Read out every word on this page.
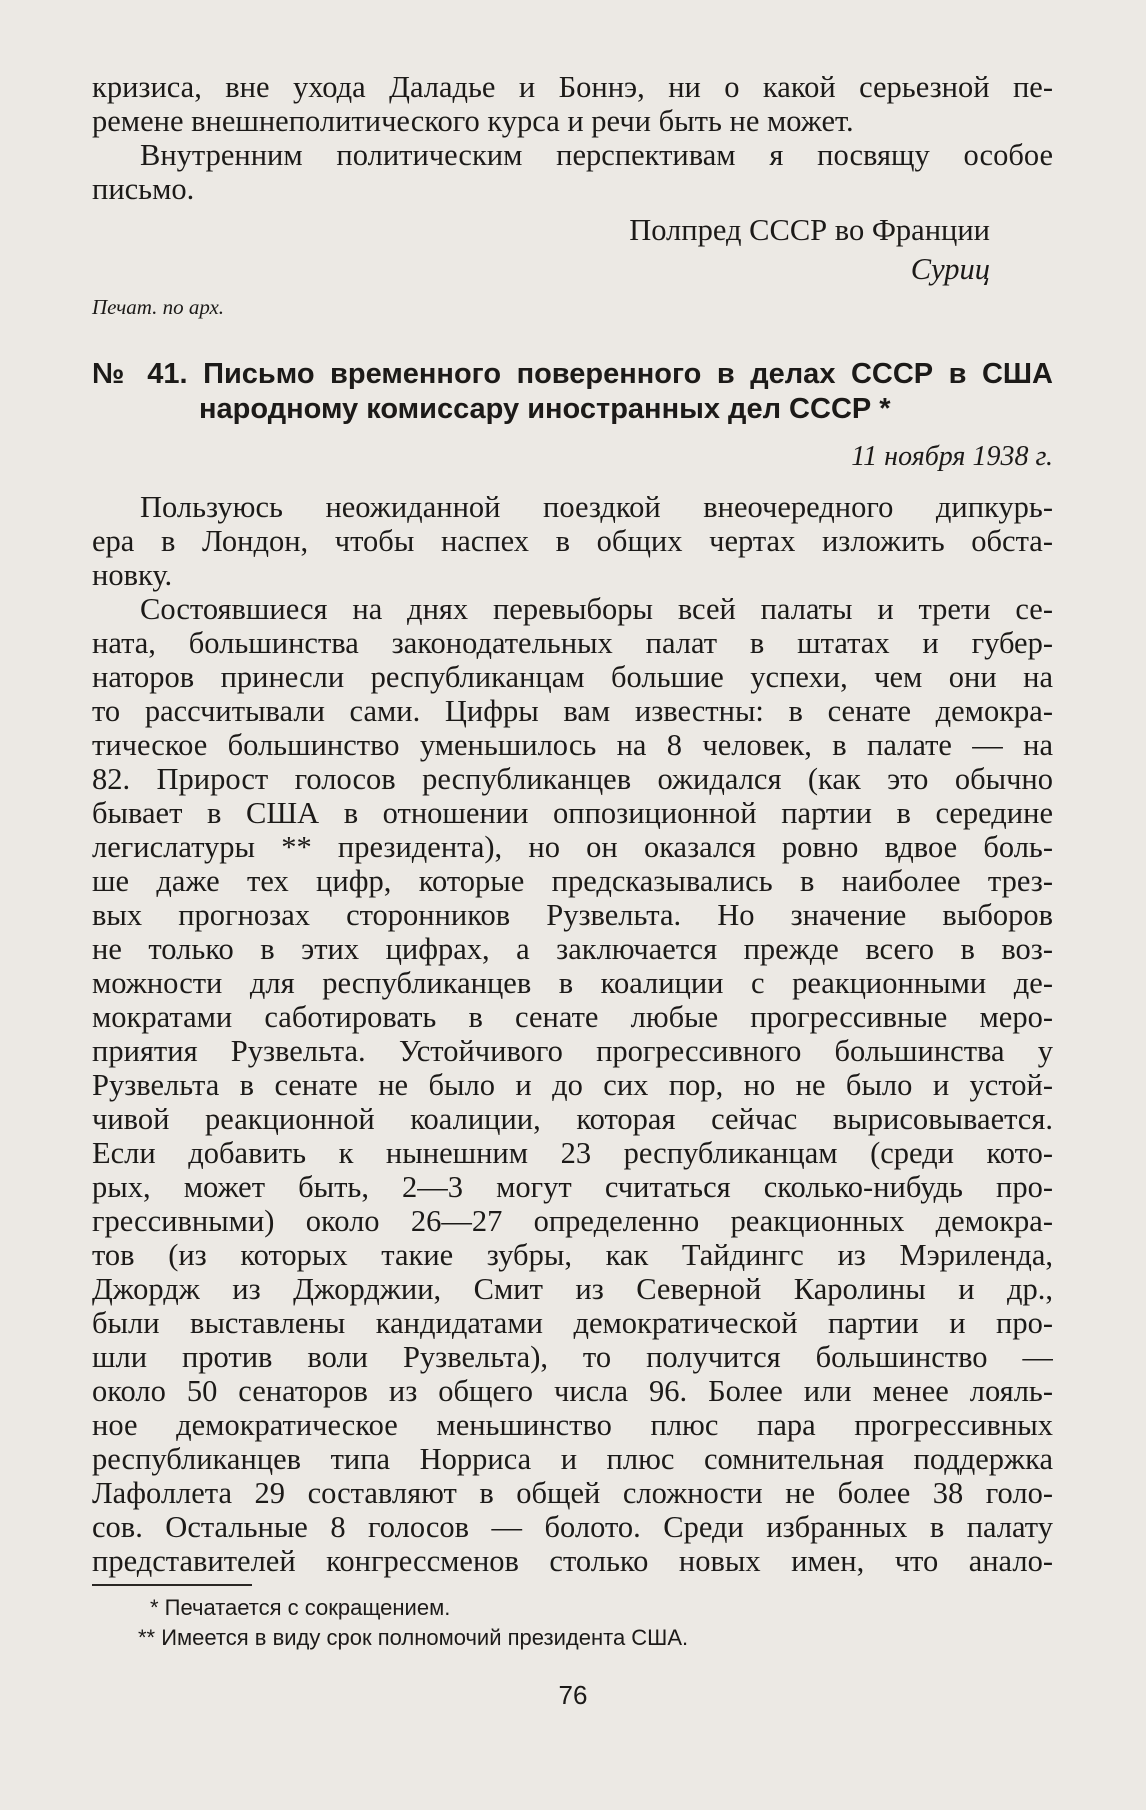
кризиса, вне ухода Даладье и Боннэ, ни о какой серьезной пе-
ремене внешнеполитического курса и речи быть не может.
Внутренним политическим перспективам я посвящу особое
письмо.
Полпред СССР во Франции
Суриц
Печат. по арх.
№ 41. Письмо временного поверенного в делах СССР в США
народному комиссару иностранных дел СССР *
11 ноября 1938 г.
Пользуюсь неожиданной поездкой внеочередного дипкурь-
ера в Лондон, чтобы наспех в общих чертах изложить обста-
новку.
Состоявшиеся на днях перевыборы всей палаты и трети се-
ната, большинства законодательных палат в штатах и губер-
наторов принесли республиканцам большие успехи, чем они на
то рассчитывали сами. Цифры вам известны: в сенате демокра-
тическое большинство уменьшилось на 8 человек, в палате — на
82. Прирост голосов республиканцев ожидался (как это обычно
бывает в США в отношении оппозиционной партии в середине
легислатуры ** президента), но он оказался ровно вдвое боль-
ше даже тех цифр, которые предсказывались в наиболее трез-
вых прогнозах сторонников Рузвельта. Но значение выборов
не только в этих цифрах, а заключается прежде всего в воз-
можности для республиканцев в коалиции с реакционными де-
мократами саботировать в сенате любые прогрессивные меро-
приятия Рузвельта. Устойчивого прогрессивного большинства у
Рузвельта в сенате не было и до сих пор, но не было и устой-
чивой реакционной коалиции, которая сейчас вырисовывается.
Если добавить к нынешним 23 республиканцам (среди кото-
рых, может быть, 2—3 могут считаться сколько-нибудь про-
грессивными) около 26—27 определенно реакционных демокра-
тов (из которых такие зубры, как Тайдингс из Мэриленда,
Джордж из Джорджии, Смит из Северной Каролины и др.,
были выставлены кандидатами демократической партии и про-
шли против воли Рузвельта), то получится большинство —
около 50 сенаторов из общего числа 96. Более или менее лояль-
ное демократическое меньшинство плюс пара прогрессивных
республиканцев типа Норриса и плюс сомнительная поддержка
Лафоллета 29 составляют в общей сложности не более 38 голо-
сов. Остальные 8 голосов — болото. Среди избранных в палату
представителей конгрессменов столько новых имен, что анало-
* Печатается с сокращением.
** Имеется в виду срок полномочий президента США.
76
